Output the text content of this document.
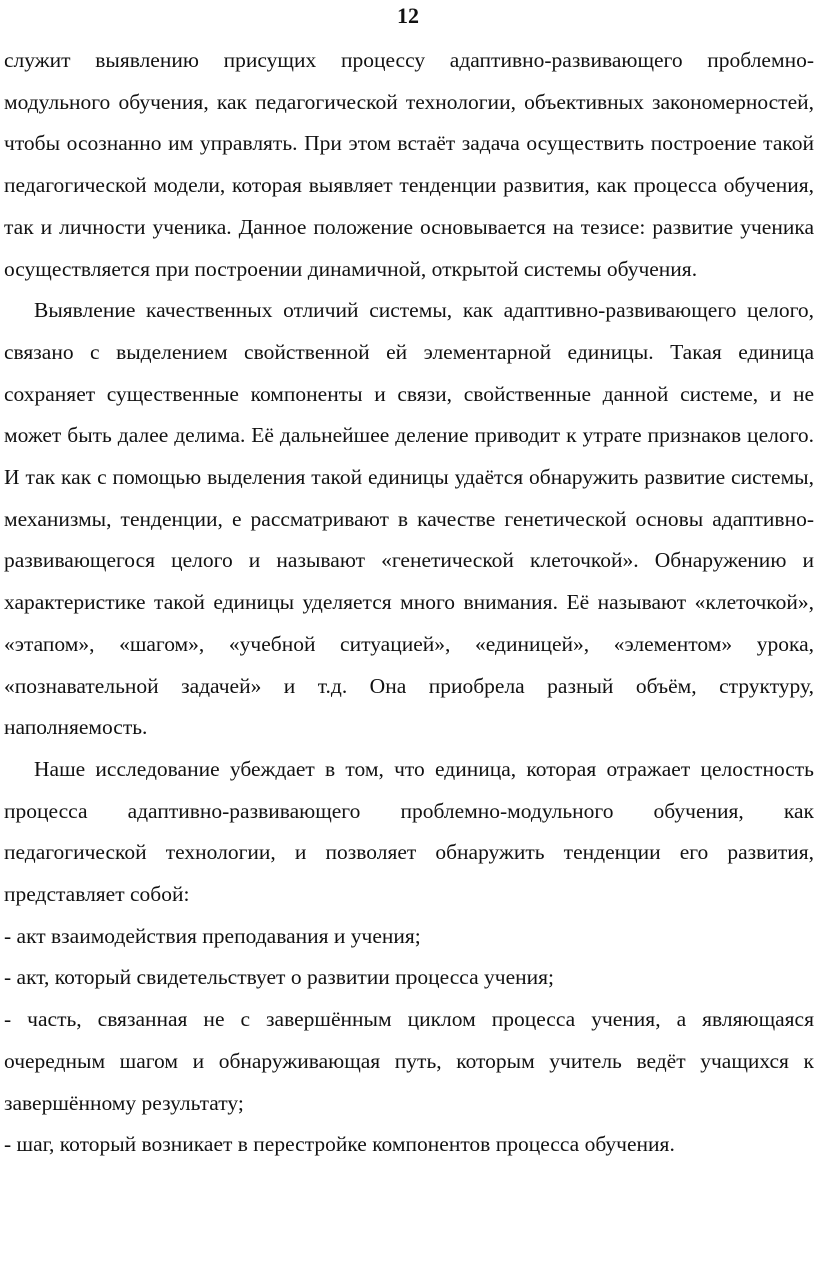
12

служит выявлению присущих процессу адаптивно-развивающего проблемно-модульного обучения, как педагогической технологии, объективных закономерностей, чтобы осознанно им управлять. При этом встаёт задача осуществить построение такой педагогической модели, которая выявляет тенденции развития, как процесса обучения, так и личности ученика. Данное положение основывается на тезисе: развитие ученика осуществляется при построении динамичной, открытой системы обучения.

Выявление качественных отличий системы, как адаптивно-развивающего целого, связано с выделением свойственной ей элементарной единицы. Такая единица сохраняет существенные компоненты и связи, свойственные данной системе, и не может быть далее делима. Её дальнейшее деление приводит к утрате признаков целого. И так как с помощью выделения такой единицы удаётся обнаружить развитие системы, механизмы, тенденции, е рассматривают в качестве генетической основы адаптивно-развивающегося целого и называют «генетической клеточкой». Обнаружению и характеристике такой единицы уделяется много внимания. Её называют «клеточкой», «этапом», «шагом», «учебной ситуацией», «единицей», «элементом» урока, «познавательной задачей» и т.д. Она приобрела разный объём, структуру, наполняемость.

Наше исследование убеждает в том, что единица, которая отражает целостность процесса адаптивно-развивающего проблемно-модульного обучения, как педагогической технологии, и позволяет обнаружить тенденции его развития, представляет собой:

- акт взаимодействия преподавания и учения;

- акт, который свидетельствует о развитии процесса учения;

- часть, связанная не с завершённым циклом процесса учения, а являющаяся очередным шагом и обнаруживающая путь, которым учитель ведёт учащихся к завершённому результату;

- шаг, который возникает в перестройке компонентов процесса обучения.
